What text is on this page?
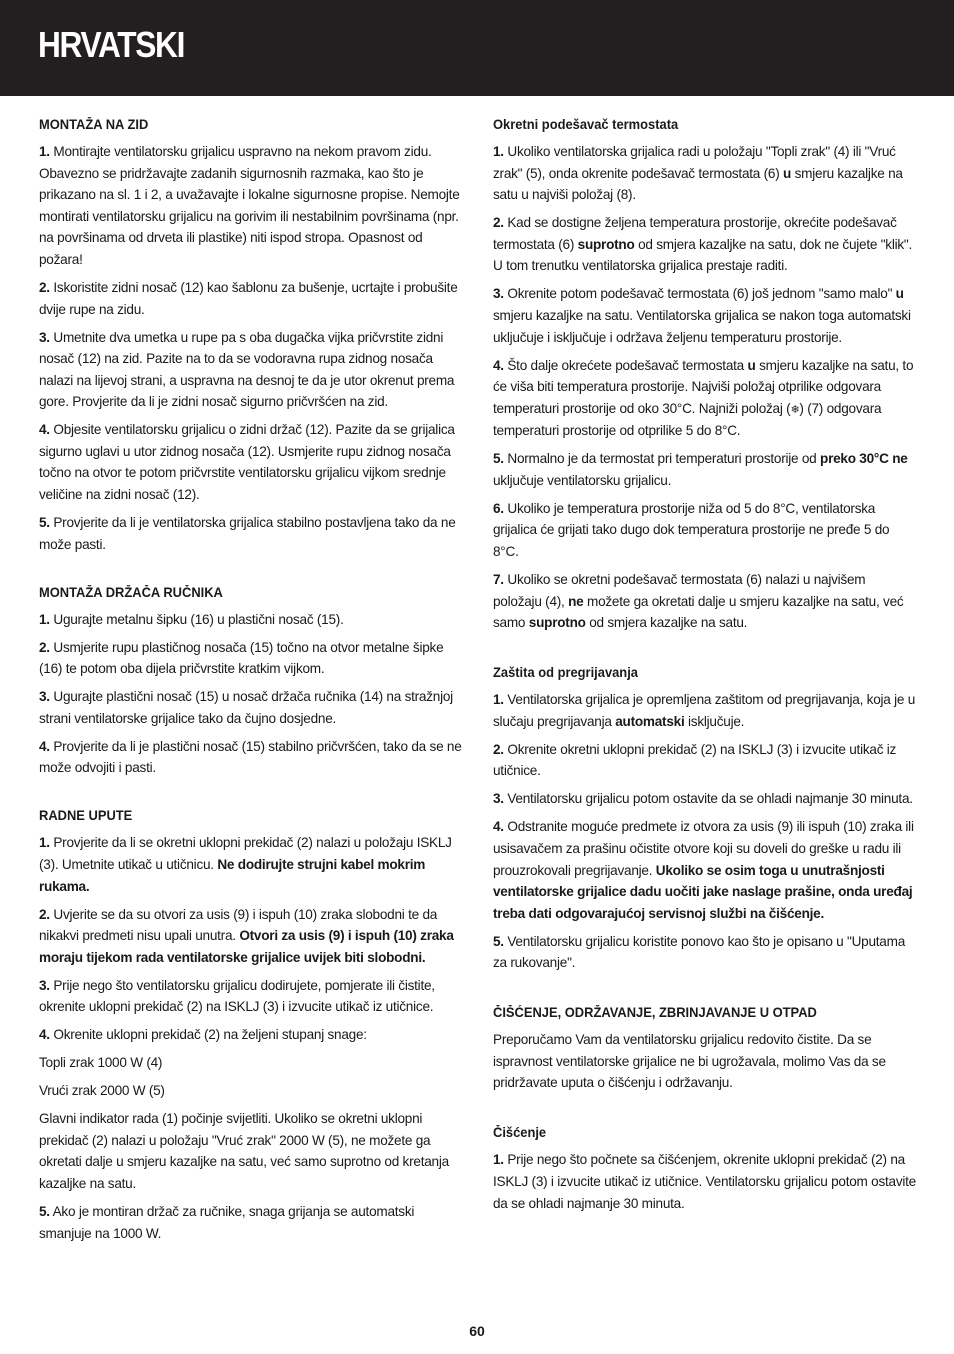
HRVATSKI
MONTAŽA NA ZID

1. Montirajte ventilatorsku grijalicu uspravno na nekom pravom zidu. Obavezno se pridržavajte zadanih sigurnosnih razmaka, kao što je prikazano na sl. 1 i 2, a uvažavajte i lokalne sigurnosne propise. Nemojte montirati ventilatorsku grijalicu na gorivim ili nestabilnim površinama (npr. na površinama od drveta ili plastike) niti ispod stropa. Opasnost od požara!

2. Iskoristite zidni nosač (12) kao šablonu za bušenje, ucrtajte i probušite dvije rupe na zidu.

3. Umetnite dva umetka u rupe pa s oba dugačka vijka pričvrstite zidni nosač (12) na zid. Pazite na to da se vodoravna rupa zidnog nosača nalazi na lijevoj strani, a uspravna na desnoj te da je utor okrenut prema gore. Provjerite da li je zidni nosač sigurno pričvršćen na zid.

4. Objesite ventilatorsku grijalicu o zidni držač (12). Pazite da se grijalica sigurno uglavi u utor zidnog nosača (12). Usmjerite rupu zidnog nosača točno na otvor te potom pričvrstite ventilatorsku grijalicu vijkom srednje veličine na zidni nosač (12).

5. Provjerite da li je ventilatorska grijalica stabilno postavljena tako da ne može pasti.

MONTAŽA DRŽAČA RUČNIKA

1. Ugurajte metalnu šipku (16) u plastični nosač (15).

2. Usmjerite rupu plastičnog nosača (15) točno na otvor metalne šipke (16) te potom oba dijela pričvrstite kratkim vijkom.

3. Ugurajte plastični nosač (15) u nosač držača ručnika (14) na stražnjoj strani ventilatorske grijalice tako da čujno dosjedne.

4. Provjerite da li je plastični nosač (15) stabilno pričvršćen, tako da se ne može odvojiti i pasti.

RADNE UPUTE

1. Provjerite da li se okretni uklopni prekidač (2) nalazi u položaju ISKLJ (3). Umetnite utikač u utičnicu. Ne dodirujte strujni kabel mokrim rukama.

2. Uvjerite se da su otvori za usis (9) i ispuh (10) zraka slobodni te da nikakvi predmeti nisu upali unutra. Otvori za usis (9) i ispuh (10) zraka moraju tijekom rada ventilatorske grijalice uvijek biti slobodni.

3. Prije nego što ventilatorsku grijalicu dodirujete, pomjerate ili čistite, okrenite uklopni prekidač (2) na ISKLJ (3) i izvucite utikač iz utičnice.

4. Okrenite uklopni prekidač (2) na željeni stupanj snage:

Topli zrak 1000 W (4)

Vrući zrak 2000 W (5)

Glavni indikator rada (1) počinje svijetliti. Ukoliko se okretni uklopni prekidač (2) nalazi u položaju "Vruć zrak" 2000 W (5), ne možete ga okretati dalje u smjeru kazaljke na satu, već samo suprotno od kretanja kazaljke na satu.

5. Ako je montiran držač za ručnike, snaga grijanja se automatski smanjuje na 1000 W.

Okretni podešavač termostata

1. Ukoliko ventilatorska grijalica radi u položaju "Topli zrak" (4) ili "Vruć zrak" (5), onda okrenite podešavač termostata (6) u smjeru kazaljke na satu u najviši položaj (8).

2. Kad se dostigne željena temperatura prostorije, okrećite podešavač termostata (6) suprotno od smjera kazaljke na satu, dok ne čujete "klik". U tom trenutku ventilatorska grijalica prestaje raditi.

3. Okrenite potom podešavač termostata (6) još jednom "samo malo" u smjeru kazaljke na satu. Ventilatorska grijalica se nakon toga automatski uključuje i isključuje i održava željenu temperaturu prostorije.

4. Što dalje okrećete podešavač termostata u smjeru kazaljke na satu, to će viša biti temperatura prostorije. Najviši položaj otprilike odgovara temperaturi prostorije od oko 30°C. Najniži položaj (❄) (7) odgovara temperaturi prostorije od otprilike 5 do 8°C.

5. Normalno je da termostat pri temperaturi prostorije od preko 30°C ne uključuje ventilatorsku grijalicu.

6. Ukoliko je temperatura prostorije niža od 5 do 8°C, ventilatorska grijalica će grijati tako dugo dok temperatura prostorije ne pređe 5 do 8°C.

7. Ukoliko se okretni podešavač termostata (6) nalazi u najvišem položaju (4), ne možete ga okretati dalje u smjeru kazaljke na satu, već samo suprotno od smjera kazaljke na satu.

Zaštita od pregrijavanja

1. Ventilatorska grijalica je opremljena zaštitom od pregrijavanja, koja je u slučaju pregrijavanja automatski isključuje.

2. Okrenite okretni uklopni prekidač (2) na ISKLJ (3) i izvucite utikač iz utičnice.

3. Ventilatorsku grijalicu potom ostavite da se ohladi najmanje 30 minuta.

4. Odstranite moguće predmete iz otvora za usis (9) ili ispuh (10) zraka ili usisavačem za prašinu očistite otvore koji su doveli do greške u radu ili prouzrokovali pregrijavanje. Ukoliko se osim toga u unutrašnjosti ventilatorske grijalice dadu uočiti jake naslage prašine, onda uređaj treba dati odgovarajućoj servisnoj službi na čišćenje.

5. Ventilatorsku grijalicu koristite ponovo kao što je opisano u "Uputama za rukovanje".

ČIŠĆENJE, ODRŽAVANJE, ZBRINJAVANJE U OTPAD

Preporučamo Vam da ventilatorsku grijalicu redovito čistite. Da se ispravnost ventilatorske grijalice ne bi ugrožavala, molimo Vas da se pridržavate uputa o čišćenju i održavanju.

Čišćenje

1. Prije nego što počnete sa čišćenjem, okrenite uklopni prekidač (2) na ISKLJ (3) i izvucite utikač iz utičnice. Ventilatorsku grijalicu potom ostavite da se ohladi najmanje 30 minuta.

60
